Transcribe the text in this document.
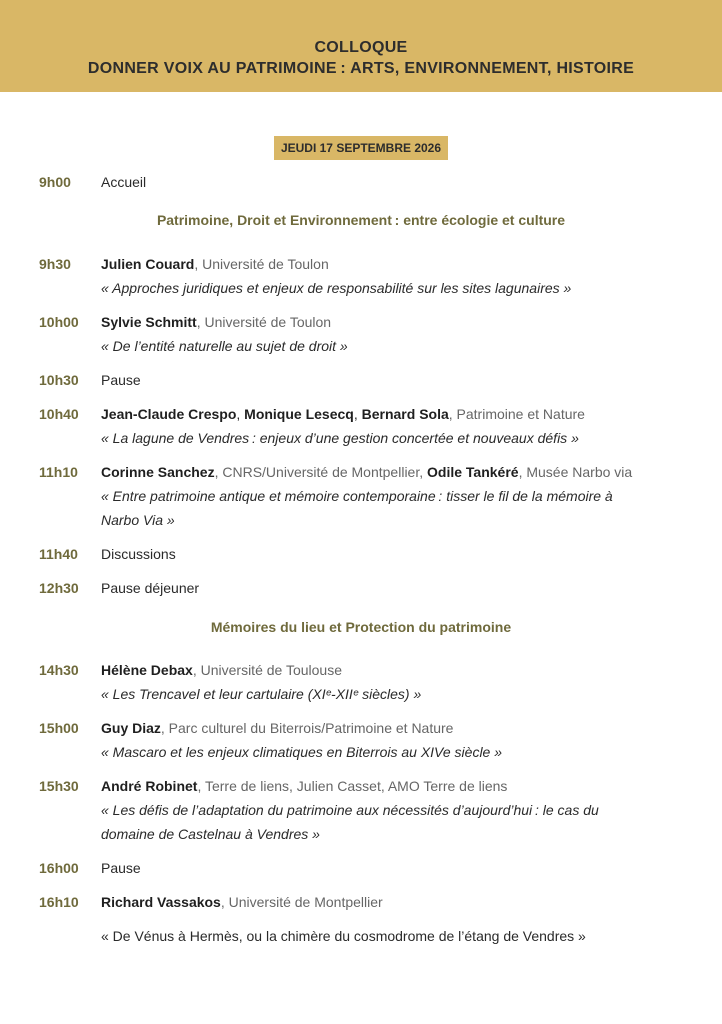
COLLOQUE
DONNER VOIX AU PATRIMOINE : ARTS, ENVIRONNEMENT, HISTOIRE
JEUDI 17 SEPTEMBRE 2026
9h00 Accueil
Patrimoine, Droit et Environnement : entre écologie et culture
9h30 Julien Couard, Université de Toulon
« Approches juridiques et enjeux de responsabilité sur les sites lagunaires »
10h00 Sylvie Schmitt, Université de Toulon
« De l’entité naturelle au sujet de droit »
10h30 Pause
10h40 Jean-Claude Crespo, Monique Lesecq, Bernard Sola, Patrimoine et Nature
« La lagune de Vendres : enjeux d’une gestion concertée et nouveaux défis »
11h10 Corinne Sanchez, CNRS/Université de Montpellier, Odile Tankéré, Musée Narbo via
« Entre patrimoine antique et mémoire contemporaine : tisser le fil de la mémoire à
Narbo Via »
11h40 Discussions
12h30 Pause déjeuner
Mémoires du lieu et Protection du patrimoine
14h30 Hélène Debax, Université de Toulouse
« Les Trencavel et leur cartulaire (XIᵉ-XIIᵉ siècles) »
15h00 Guy Diaz, Parc culturel du Biterrois/Patrimoine et Nature
« Mascaro et les enjeux climatiques en Biterrois au XIVe siècle »
15h30 André Robinet, Terre de liens, Julien Casset, AMO Terre de liens
« Les défis de l’adaptation du patrimoine aux nécessités d’aujourd’hui : le cas du
domaine de Castelnau à Vendres »
16h00 Pause
16h10 Richard Vassakos, Université de Montpellier
« De Vénus à Hermès, ou la chimère du cosmodrome de l’étang de Vendres »
